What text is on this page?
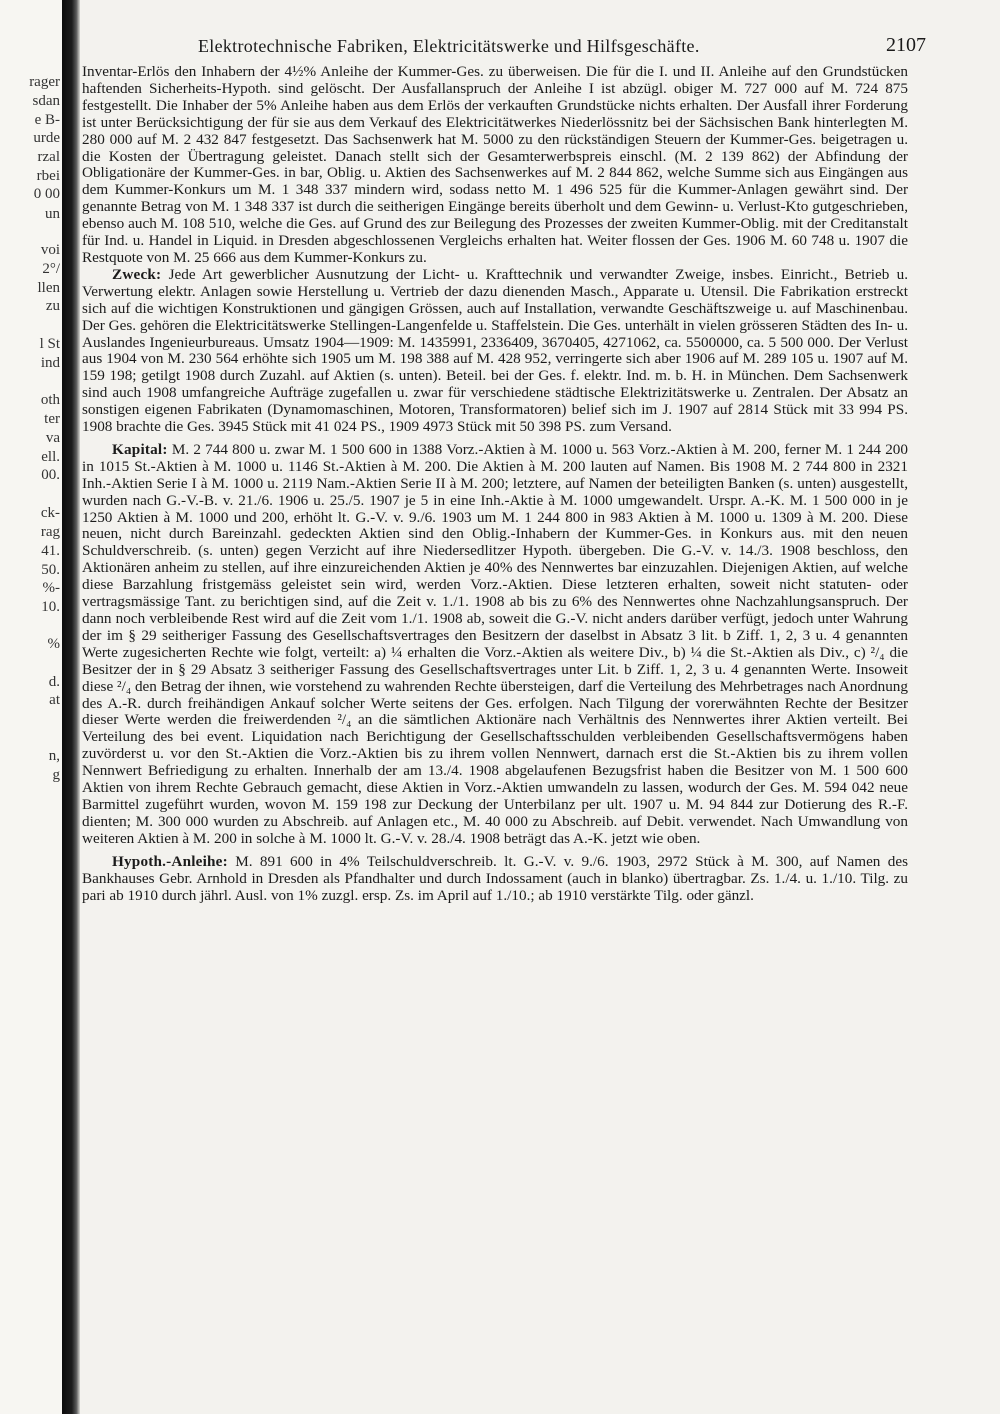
rager
sdan
e B-
urde
rzal
rbei
0 00
un
voi
2°/
llen
zu
l St
ind
oth
ter
va
ell.
00.
ck-
rag
41.
50.
%-
10.
%
d.
at
n,
g
Elektrotechnische Fabriken, Elektricitätswerke und Hilfsgeschäfte.	2107

Inventar-Erlös den Inhabern der 4½% Anleihe der Kummer-Ges. zu überweisen. Die für die I. und II. Anleihe auf den Grundstücken haftenden Sicherheits-Hypoth. sind gelöscht. Der Ausfallanspruch der Anleihe I ist abzügl. obiger M. 727 000 auf M. 724 875 festgestellt. Die Inhaber der 5% Anleihe haben aus dem Erlös der verkauften Grundstücke nichts erhalten. Der Ausfall ihrer Forderung ist unter Berücksichtigung der für sie aus dem Verkauf des Elektricitätwerkes Niederlössnitz bei der Sächsischen Bank hinterlegten M. 280 000 auf M. 2 432 847 festgesetzt. Das Sachsenwerk hat M. 5000 zu den rückständigen Steuern der Kummer-Ges. beigetragen u. die Kosten der Übertragung geleistet. Danach stellt sich der Gesamterwerbspreis einschl. (M. 2 139 862) der Abfindung der Obligationäre der Kummer-Ges. in bar, Oblig. u. Aktien des Sachsenwerkes auf M. 2 844 862, welche Summe sich aus Eingängen aus dem Kummer-Konkurs um M. 1 348 337 mindern wird, sodass netto M. 1 496 525 für die Kummer-Anlagen gewährt sind. Der genannte Betrag von M. 1 348 337 ist durch die seitherigen Eingänge bereits überholt und dem Gewinn- u. Verlust-Kto gutgeschrieben, ebenso auch M. 108 510, welche die Ges. auf Grund des zur Beilegung des Prozesses der zweiten Kummer-Oblig. mit der Creditanstalt für Ind. u. Handel in Liquid. in Dresden abgeschlossenen Vergleichs erhalten hat. Weiter flossen der Ges. 1906 M. 60 748 u. 1907 die Restquote von M. 25 666 aus dem Kummer-Konkurs zu.

Zweck: Jede Art gewerblicher Ausnutzung der Licht- u. Krafttechnik und verwandter Zweige, insbes. Einricht., Betrieb u. Verwertung elektr. Anlagen sowie Herstellung u. Vertrieb der dazu dienenden Masch., Apparate u. Utensil. Die Fabrikation erstreckt sich auf die wichtigen Konstruktionen und gängigen Grössen, auch auf Installation, verwandte Geschäftszweige u. auf Maschinenbau. Der Ges. gehören die Elektricitätswerke Stellingen-Langenfelde u. Staffelstein. Die Ges. unterhält in vielen grösseren Städten des In- u. Auslandes Ingenieurbureaus. Umsatz 1904—1909: M. 1435991, 2336409, 3670405, 4271062, ca. 5500000, ca. 5 500 000. Der Verlust aus 1904 von M. 230 564 erhöhte sich 1905 um M. 198 388 auf M. 428 952, verringerte sich aber 1906 auf M. 289 105 u. 1907 auf M. 159 198; getilgt 1908 durch Zuzahl. auf Aktien (s. unten). Beteil. bei der Ges. f. elektr. Ind. m. b. H. in München. Dem Sachsenwerk sind auch 1908 umfangreiche Aufträge zugefallen u. zwar für verschiedene städtische Elektrizitätswerke u. Zentralen. Der Absatz an sonstigen eigenen Fabrikaten (Dynamomaschinen, Motoren, Transformatoren) belief sich im J. 1907 auf 2814 Stück mit 33 994 PS. 1908 brachte die Ges. 3945 Stück mit 41 024 PS., 1909 4973 Stück mit 50 398 PS. zum Versand.

Kapital: M. 2 744 800 u. zwar M. 1 500 600 in 1388 Vorz.-Aktien à M. 1000 u. 563 Vorz.-Aktien à M. 200, ferner M. 1 244 200 in 1015 St.-Aktien à M. 1000 u. 1146 St.-Aktien à M. 200. Die Aktien à M. 200 lauten auf Namen. Bis 1908 M. 2 744 800 in 2321 Inh.-Aktien Serie I à M. 1000 u. 2119 Nam.-Aktien Serie II à M. 200; letztere, auf Namen der beteiligten Banken (s. unten) ausgestellt, wurden nach G.-V.-B. v. 21./6. 1906 u. 25./5. 1907 je 5 in eine Inh.-Aktie à M. 1000 umgewandelt. Urspr. A.-K. M. 1 500 000 in je 1250 Aktien à M. 1000 und 200, erhöht lt. G.-V. v. 9./6. 1903 um M. 1 244 800 in 983 Aktien à M. 1000 u. 1309 à M. 200. Diese neuen, nicht durch Bareinzahl. gedeckten Aktien sind den Oblig.-Inhabern der Kummer-Ges. in Konkurs aus. mit den neuen Schuldverschreib. (s. unten) gegen Verzicht auf ihre Niedersedlitzer Hypoth. übergeben. Die G.-V. v. 14./3. 1908 beschloss, den Aktionären anheim zu stellen, auf ihre einzureichenden Aktien je 40% des Nennwertes bar einzuzahlen. Diejenigen Aktien, auf welche diese Barzahlung fristgemäss geleistet sein wird, werden Vorz.-Aktien. Diese letzteren erhalten, soweit nicht statuten- oder vertragsmässige Tant. zu berichtigen sind, auf die Zeit v. 1./1. 1908 ab bis zu 6% des Nennwertes ohne Nachzahlungsanspruch. Der dann noch verbleibende Rest wird auf die Zeit vom 1./1. 1908 ab, soweit die G.-V. nicht anders darüber verfügt, jedoch unter Wahrung der im § 29 seitheriger Fassung des Gesellschaftsvertrages den Besitzern der daselbst in Absatz 3 lit. b Ziff. 1, 2, 3 u. 4 genannten Werte zugesicherten Rechte wie folgt, verteilt: a) ¼ erhalten die Vorz.-Aktien als weitere Div., b) ¼ die St.-Aktien als Div., c) ²/₄ die Besitzer der in § 29 Absatz 3 seitheriger Fassung des Gesellschaftsvertrages unter Lit. b Ziff. 1, 2, 3 u. 4 genannten Werte. Insoweit diese ²/₄ den Betrag der ihnen, wie vorstehend zu wahrenden Rechte übersteigen, darf die Verteilung des Mehrbetrages nach Anordnung des A.-R. durch freihändigen Ankauf solcher Werte seitens der Ges. erfolgen. Nach Tilgung der vorerwähnten Rechte der Besitzer dieser Werte werden die freiwerdenden ²/₄ an die sämtlichen Aktionäre nach Verhältnis des Nennwertes ihrer Aktien verteilt. Bei Verteilung des bei event. Liquidation nach Berichtigung der Gesellschaftsschulden verbleibenden Gesellschaftsvermögens haben zuvörderst u. vor den St.-Aktien die Vorz.-Aktien bis zu ihrem vollen Nennwert, darnach erst die St.-Aktien bis zu ihrem vollen Nennwert Befriedigung zu erhalten. Innerhalb der am 13./4. 1908 abgelaufenen Bezugsfrist haben die Besitzer von M. 1 500 600 Aktien von ihrem Rechte Gebrauch gemacht, diese Aktien in Vorz.-Aktien umwandeln zu lassen, wodurch der Ges. M. 594 042 neue Barmittel zugeführt wurden, wovon M. 159 198 zur Deckung der Unterbilanz per ult. 1907 u. M. 94 844 zur Dotierung des R.-F. dienten; M. 300 000 wurden zu Abschreib. auf Anlagen etc., M. 40 000 zu Abschreib. auf Debit. verwendet. Nach Umwandlung von weiteren Aktien à M. 200 in solche à M. 1000 lt. G.-V. v. 28./4. 1908 beträgt das A.-K. jetzt wie oben.

Hypoth.-Anleihe: M. 891 600 in 4% Teilschuldverschreib. lt. G.-V. v. 9./6. 1903, 2972 Stück à M. 300, auf Namen des Bankhauses Gebr. Arnhold in Dresden als Pfandhalter und durch Indossament (auch in blanko) übertragbar. Zs. 1./4. u. 1./10. Tilg. zu pari ab 1910 durch jährl. Ausl. von 1% zuzgl. ersp. Zs. im April auf 1./10.; ab 1910 verstärkte Tilg. oder gänzl.
